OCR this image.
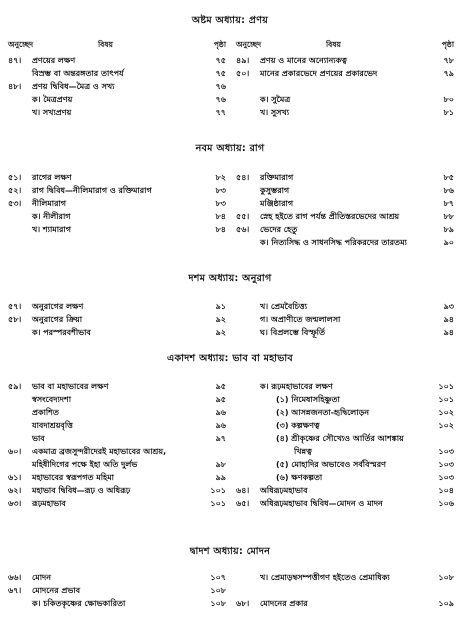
অষ্টম অধ্যায়: প্রণয়
অনুচ্ছেদ	বিষয়	পৃষ্ঠা অনুচ্ছেদ	বিষয়	পৃষ্ঠা
৪৭।	প্রণয়ের লক্ষণ	৭৫
বিস্রম্ভ বা অন্তরঙ্গতার তাৎপর্য	৭৫
৪৮।	প্রণয় দ্বিবিধ—মৈত্র ও সখ্য	৭৬
ক। মৈত্রপ্রণয়	৭৬
খ। সখ্যপ্রণয়	৭৭
৪৯।	প্রণয় ও মানের অন্যোন্যকত্ব	৭৮
৫০।	মানের প্রকারভেদে প্রণয়ের প্রকারভেদ	৭৯
ক। সুমৈত্র	৮০
খ। সুসখ্য	৮১
নবম অধ্যায়: রাগ
৫১।	রাগের লক্ষণ	৮২
৫২।	রাগ দ্বিবিধ—নীলিমারাগ ও রক্তিমারাগ	৮৩
৫৩।	নীলিমারাগ	৮৩
ক। নীলীরাগ	৮৪
খ। শ্যামারাগ	৮৪
৫৪।	রক্তিমারাগ	৮৫
কুসুম্ভরাগ	৮৬
মঞ্জিষ্ঠারাগ	৮৭
৫৫।	স্নেহ হইতে রাগ পর্যন্ত প্রীতিস্তরভেদের আশ্রয়	৮৮
৫৬।	ভেদের হেতু	৮৯
ক। নিত্যসিদ্ধ ও সাধনসিদ্ধ পরিকরদের তারতম্য	৯০
দশম অধ্যায়: অনুরাগ
৫৭।	অনুরাগের লক্ষণ	৯১
৫৮।	অনুরাগের ক্রিয়া	৯২
ক। পরস্পরবশীভাব	৯২
খ। প্রেমবৈচিত্ত্য	৯৩
গ। অপ্রাণীতে জন্মলালসা	৯৪
ঘ। বিপ্রলম্ভে বিস্ফূর্তি	৯৪
একাদশ অধ্যায়: ভাব বা মহাভাব
৫৯।	ভাব বা মহাভাবের লক্ষণ	৯৫
স্বসংবেদ্যদশা	৯৫
প্রকাশিত	৯৬
যাবদাশ্রয়বৃত্তি	৯৬
ভাব	৯৭
৬০।	একমাত্র ব্রজসুন্দরীদেরই মহাভাবের আশ্রয়,
মহিষীদিগের পক্ষে ইহা অতি দুর্লভ	৯৮
৬১।	মহাভাবের স্বরূপগত মহিমা	৯৯
৬২।	মহাভাব দ্বিবিধ—রূঢ় ও অধিরূঢ়	১০১
৬৩।	রূঢ়মহাভাব	১০১
ক। রূঢ়মহাভাবের লক্ষণ	১০১
(১) নিমেষাসহিষ্ণুতা	১০১
(২) আসন্নজনতা-হৃদ্বিলোড়ন	১০২
(৩) কল্পক্ষণত্ব	১০২
(৪) শ্রীকৃষ্ণের সৌখ্যেও আর্তির আশঙ্কায়
খিন্নত্ব	১০৩
(৫) মোহাদির অভাবেও সর্ববিস্মরণ	১০৩
(৬) ক্ষণকল্পতা	১০৩
৬৪।	অধিরূঢ়মহাভাব	১০৪
৬৫।	অধিরূঢ়মহাভাব দ্বিবিধ—মোদন ও মাদন	১০৬
দ্বাদশ অধ্যায়: মোদন
৬৬।	মোদন	১০৭
৬৭।	মোদনের প্রভাব	১০৮
ক। চকিতকৃষ্ণের ক্ষোভকারিতা	১০৮
খ। প্রেমাড়ম্বসম্পত্তীগণ হইতেও প্রেমাধিক্য	১০৮
৬৮।	মোদনের প্রকার	১০৯
